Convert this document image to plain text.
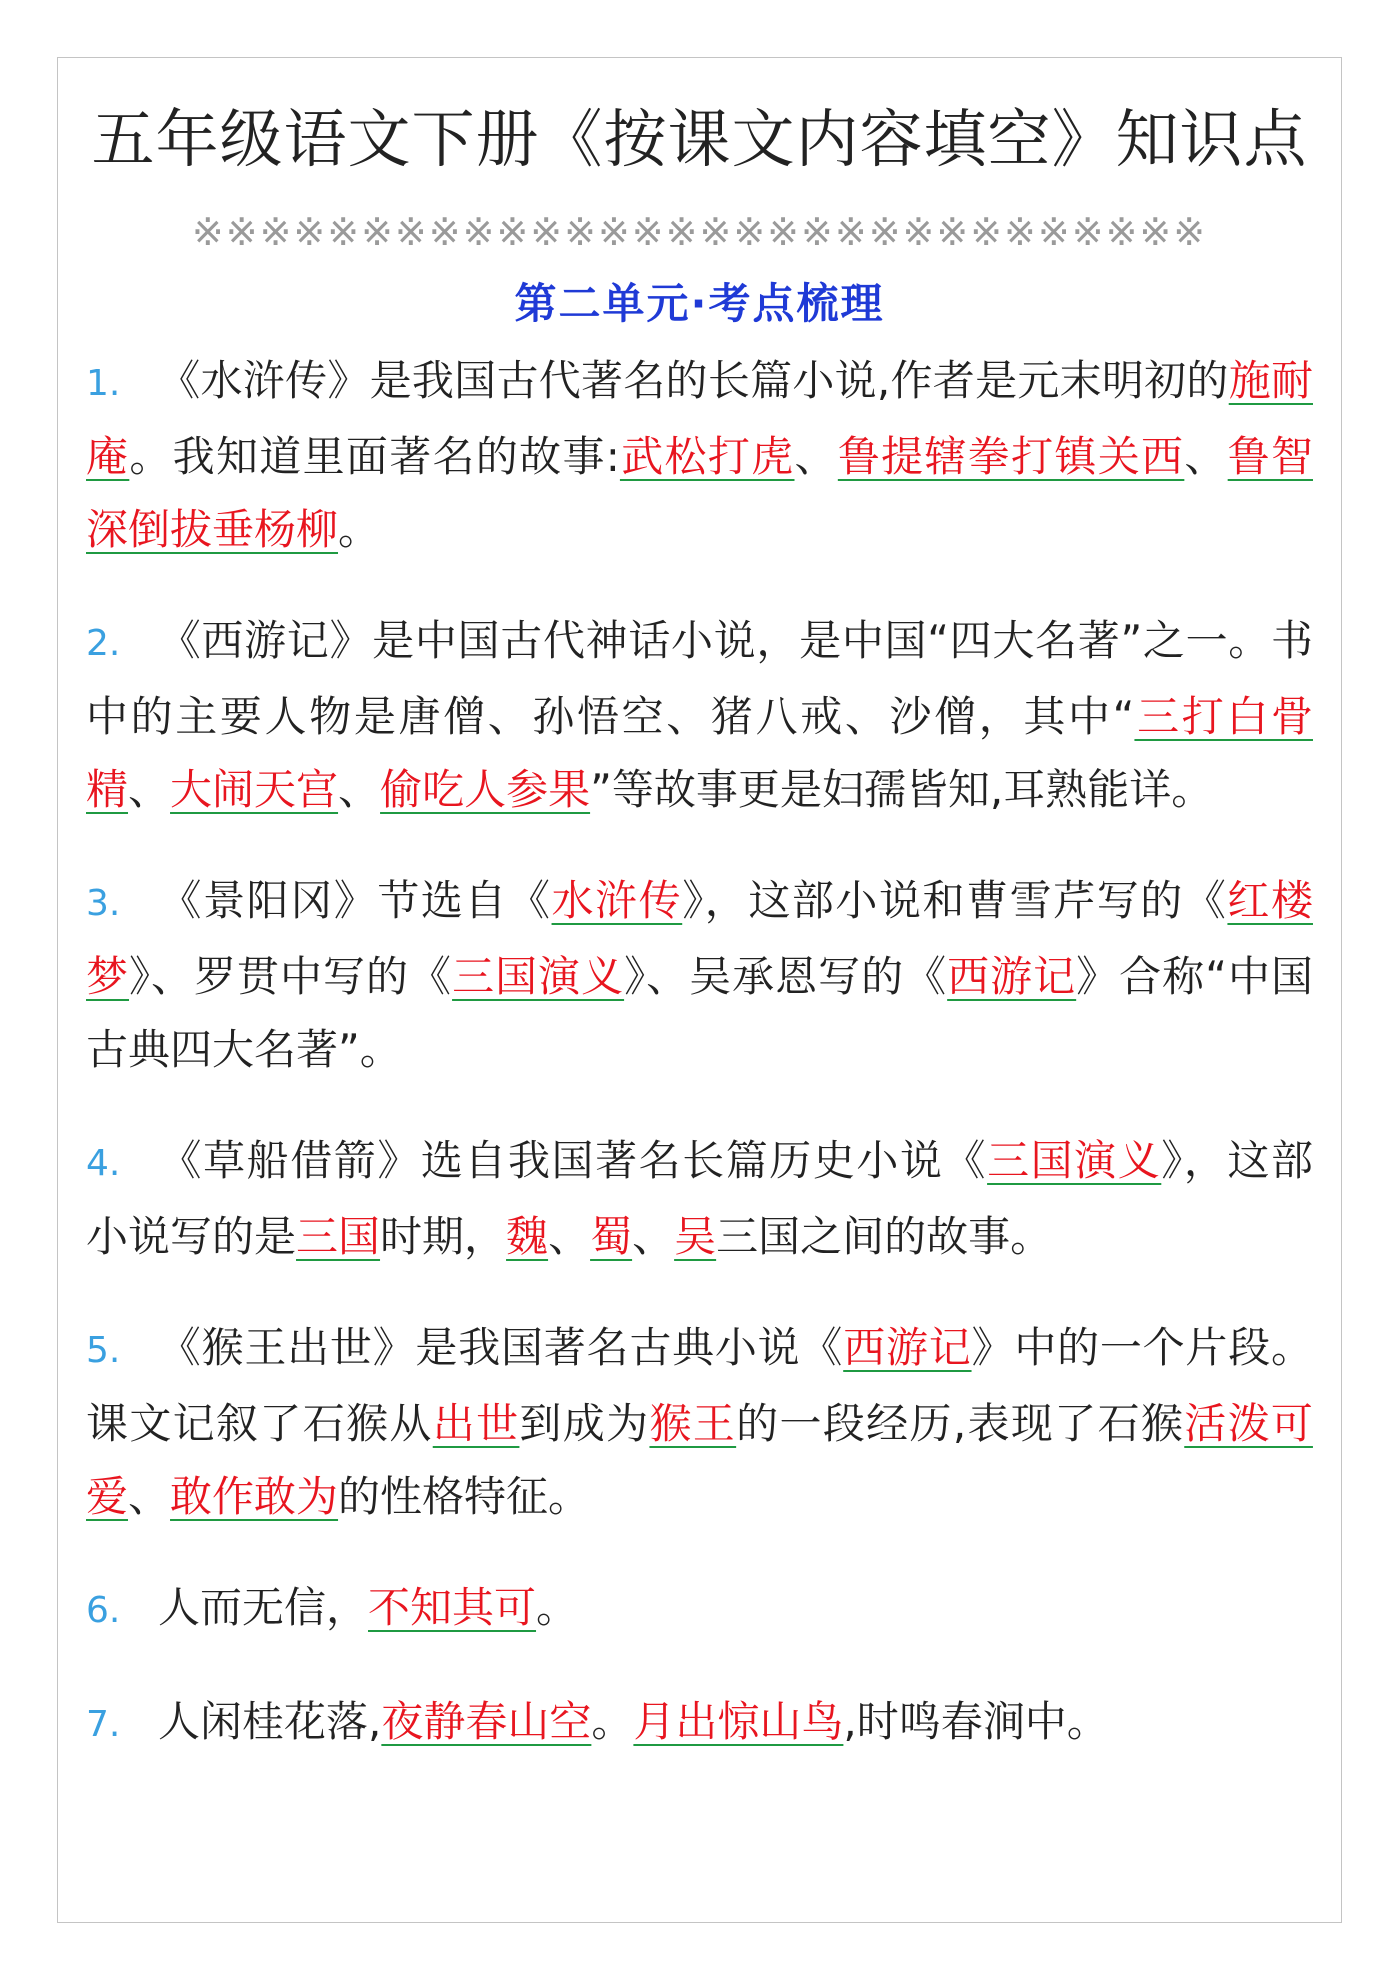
五年级语文下册《按课文内容填空》知识点
※※※※※※※※※※※※※※※※※※※※※※※※※※※※※※
第二单元·考点梳理
1. 《水浒传》是我国古代著名的长篇小说,作者是元末明初的施耐庵。我知道里面著名的故事:武松打虎、鲁提辖拳打镇关西、鲁智深倒拔垂杨柳。
2. 《西游记》是中国古代神话小说，是中国“四大名著”之一。书中的主要人物是唐僧、孙悟空、猪八戒、沙僧，其中“三打白骨精、大闹天宫、偷吃人参果”等故事更是妇孺皆知,耳熟能详。
3. 《景阳冈》节选自《水浒传》，这部小说和曹雪芹写的《红楼梦》、罗贯中写的《三国演义》、吴承恩写的《西游记》合称“中国古典四大名著”。
4. 《草船借箭》选自我国著名长篇历史小说《三国演义》，这部小说写的是三国时期，魏、蜀、吴三国之间的故事。
5. 《猴王出世》是我国著名古典小说《西游记》中的一个片段。课文记叙了石猴从出世到成为猴王的一段经历,表现了石猴活泼可爱、敢作敢为的性格特征。
6. 人而无信，不知其可。
7. 人闲桂花落,夜静春山空。月出惊山鸟,时鸣春涧中。
